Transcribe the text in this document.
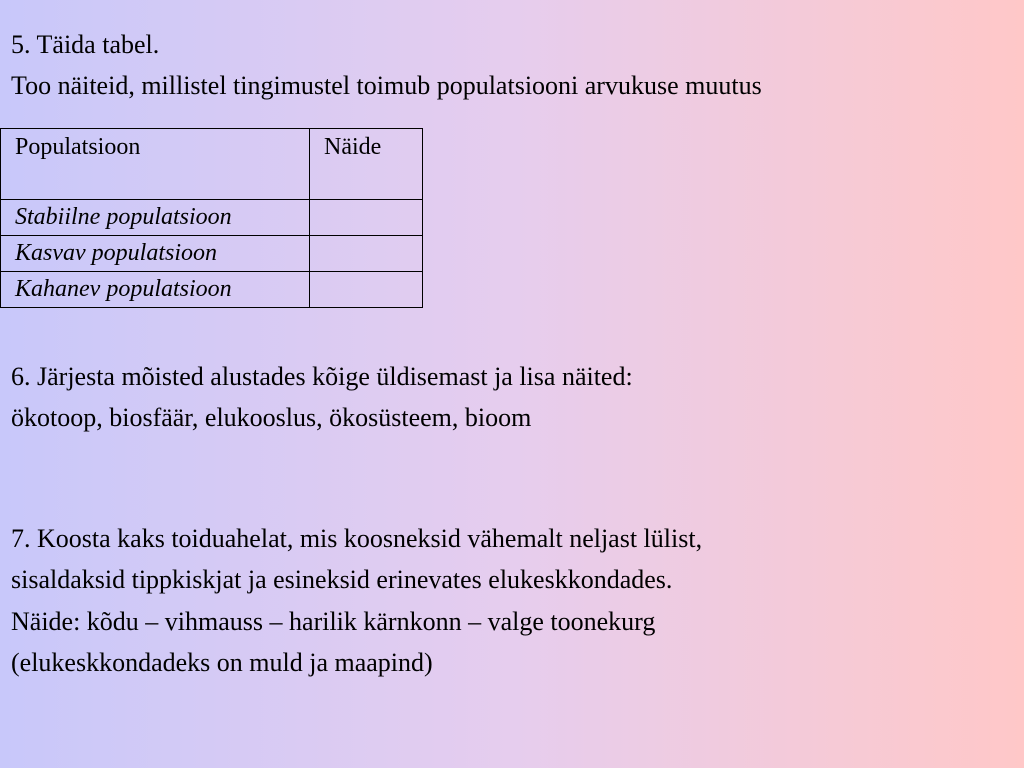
5. Täida tabel.
Too näiteid, millistel tingimustel toimub populatsiooni arvukuse muutus
Populatsioon	Näide
Stabiilne populatsioon	
Kasvav populatsioon	
Kahanev populatsioon	
6. Järjesta mõisted alustades kõige üldisemast ja lisa näited:
ökotoop, biosfäär, elukooslus, ökosüsteem, bioom
7. Koosta kaks toiduahelat, mis koosneksid vähemalt neljast lülist,
sisaldaksid tippkiskjat ja esineksid erinevates elukeskkondades.
Näide: kõdu – vihmauss – harilik kärnkonn – valge toonekurg
(elukeskkondadeks on muld ja maapind)
